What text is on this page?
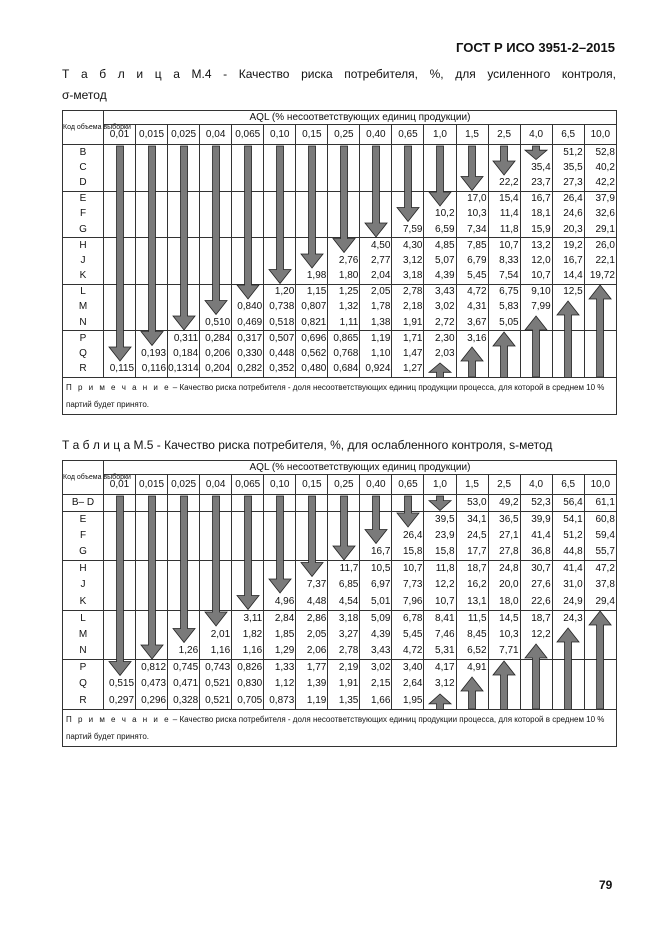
ГОСТ Р ИСО 3951-2–2015
Т а б л и ц а М.4 - Качество риска потребителя, %, для усиленного контроля,
σ-метод
Код объема выборки	AQL (% несоответствующих единиц продукции)															
	0,01	0,015	0,025	0,04	0,065	0,10	0,15	0,25	0,40	0,65	1,0	1,5	2,5	4,0	6,5	10,0
B															51,2	52,8
C														35,4	35,5	40,2
D													22,2	23,7	27,3	42,2
E												17,0	15,4	16,7	26,4	37,9
F											10,2	10,3	11,4	18,1	24,6	32,6
G										7,59	6,59	7,34	11,8	15,9	20,3	29,1
H									4,50	4,30	4,85	7,85	10,7	13,2	19,2	26,0
J								2,76	2,77	3,12	5,07	6,79	8,33	12,0	16,7	22,1
K							1,98	1,80	2,04	3,18	4,39	5,45	7,54	10,7	14,4	19,72
L						1,20	1,15	1,25	2,05	2,78	3,43	4,72	6,75	9,10	12,5	
M					0,840	0,738	0,807	1,32	1,78	2,18	3,02	4,31	5,83	7,99		
N				0,510	0,469	0,518	0,821	1,11	1,38	1,91	2,72	3,67	5,05			
P			0,311	0,284	0,317	0,507	0,696	0,865	1,19	1,71	2,30	3,16				
Q		0,193	0,184	0,206	0,330	0,448	0,562	0,768	1,10	1,47	2,03					
R	0,115	0,116	0,1314	0,204	0,282	0,352	0,480	0,684	0,924	1,27						
П р и м е ч а н и е – Качество риска потребителя - доля несоответствующих единиц продукции процесса, для которой в среднем 10 % партий будет принято.																
Т а б л и ц а М.5 - Качество риска потребителя, %, для ослабленного контроля, s-метод
Код объема выборки	AQL (% несоответствующих единиц продукции)															
	0,01	0,015	0,025	0,04	0,065	0,10	0,15	0,25	0,40	0,65	1,0	1,5	2,5	4,0	6,5	10,0
B– D												53,0	49,2	52,3	56,4	61,1
E											39,5	34,1	36,5	39,9	54,1	60,8
F										26,4	23,9	24,5	27,1	41,4	51,2	59,4
G									16,7	15,8	15,8	17,7	27,8	36,8	44,8	55,7
H								11,7	10,5	10,7	11,8	18,7	24,8	30,7	41,4	47,2
J							7,37	6,85	6,97	7,73	12,2	16,2	20,0	27,6	31,0	37,8
K						4,96	4,48	4,54	5,01	7,96	10,7	13,1	18,0	22,6	24,9	29,4
L					3,11	2,84	2,86	3,18	5,09	6,78	8,41	11,5	14,5	18,7	24,3	
M				2,01	1,82	1,85	2,05	3,27	4,39	5,45	7,46	8,45	10,3	12,2		
N			1,26	1,16	1,16	1,29	2,06	2,78	3,43	4,72	5,31	6,52	7,71			
P		0,812	0,745	0,743	0,826	1,33	1,77	2,19	3,02	3,40	4,17	4,91				
Q	0,515	0,473	0,471	0,521	0,830	1,12	1,39	1,91	2,15	2,64	3,12					
R	0,297	0,296	0,328	0,521	0,705	0,873	1,19	1,35	1,66	1,95						
П р и м е ч а н и е – Качество риска потребителя - доля несоответствующих единиц продукции процесса, для которой в среднем 10 % партий будет принято.																
79
